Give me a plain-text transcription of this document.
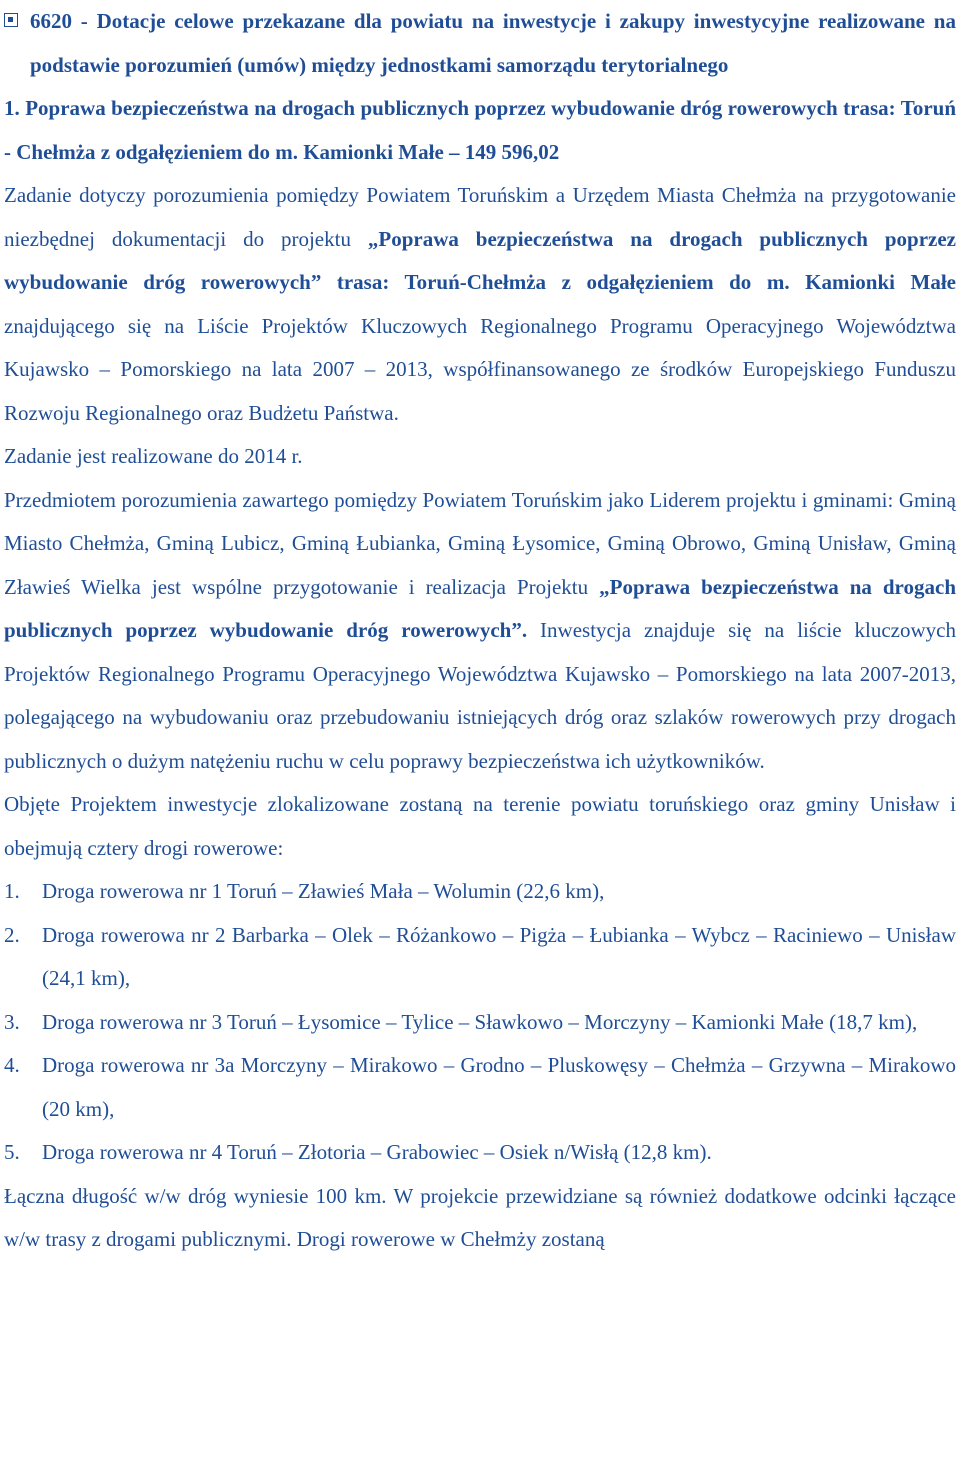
6620 - Dotacje celowe przekazane dla powiatu na inwestycje i zakupy inwestycyjne realizowane na podstawie porozumień (umów) między jednostkami samorządu terytorialnego

1. Poprawa bezpieczeństwa na drogach publicznych poprzez wybudowanie dróg rowerowych trasa: Toruń - Chełmża z odgałęzieniem do m. Kamionki Małe – 149 596,02

Zadanie dotyczy porozumienia pomiędzy Powiatem Toruńskim a Urzędem Miasta Chełmża na przygotowanie niezbędnej dokumentacji do projektu „Poprawa bezpieczeństwa na drogach publicznych poprzez wybudowanie dróg rowerowych” trasa: Toruń-Chełmża z odgałęzieniem do m. Kamionki Małe znajdującego się na Liście Projektów Kluczowych Regionalnego Programu Operacyjnego Województwa Kujawsko – Pomorskiego na lata 2007 – 2013, współfinansowanego ze środków Europejskiego Funduszu Rozwoju Regionalnego oraz Budżetu Państwa.

Zadanie jest realizowane do 2014 r.

Przedmiotem porozumienia zawartego pomiędzy Powiatem Toruńskim jako Liderem projektu i gminami: Gminą Miasto Chełmża, Gminą Lubicz, Gminą Łubianka, Gminą Łysomice, Gminą Obrowo, Gminą Unisław, Gminą Zławieś Wielka jest wspólne przygotowanie i realizacja Projektu „Poprawa bezpieczeństwa na drogach publicznych poprzez wybudowanie dróg rowerowych”. Inwestycja znajduje się na liście kluczowych Projektów Regionalnego Programu Operacyjnego Województwa Kujawsko – Pomorskiego na lata 2007-2013, polegającego na wybudowaniu oraz przebudowaniu istniejących dróg oraz szlaków rowerowych przy drogach publicznych o dużym natężeniu ruchu w celu poprawy bezpieczeństwa ich użytkowników.

Objęte Projektem inwestycje zlokalizowane zostaną na terenie powiatu toruńskiego oraz gminy Unisław i obejmują cztery drogi rowerowe:

1. Droga rowerowa nr 1 Toruń – Zławieś Mała – Wolumin (22,6 km),

2. Droga rowerowa nr 2 Barbarka – Olek – Różankowo – Pigża – Łubianka – Wybcz – Raciniewo – Unisław (24,1 km),

3. Droga rowerowa nr 3 Toruń – Łysomice – Tylice – Sławkowo – Morczyny – Kamionki Małe (18,7 km),

4. Droga rowerowa nr 3a Morczyny – Mirakowo – Grodno – Pluskowęsy – Chełmża – Grzywna – Mirakowo (20 km),

5. Droga rowerowa nr 4 Toruń – Złotoria – Grabowiec – Osiek n/Wisłą (12,8 km).

Łączna długość w/w dróg wyniesie 100 km. W projekcie przewidziane są również dodatkowe odcinki łączące w/w trasy z drogami publicznymi. Drogi rowerowe w Chełmży zostaną
